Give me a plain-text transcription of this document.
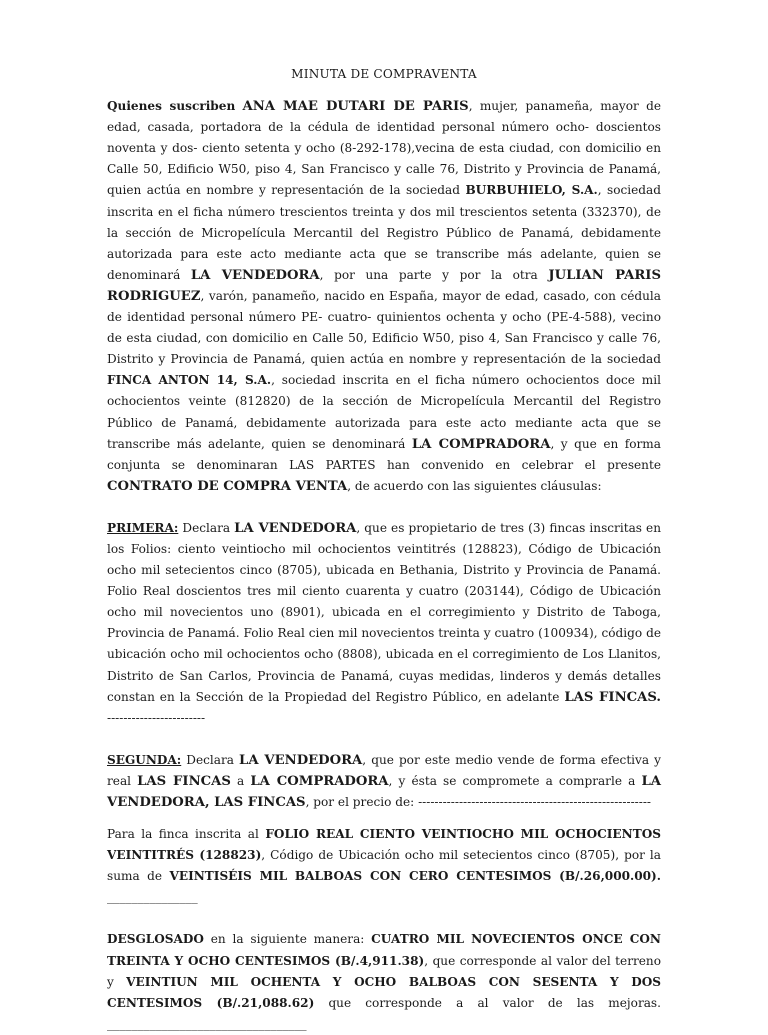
MINUTA DE COMPRAVENTA

Quienes suscriben ANA MAE DUTARI DE PARIS, mujer, panameña, mayor de edad, casada, portadora de la cédula de identidad personal número ocho- doscientos noventa y dos- ciento setenta y ocho (8-292-178),vecina de esta ciudad, con domicilio en Calle 50, Edificio W50, piso 4, San Francisco y calle 76, Distrito y Provincia de Panamá, quien actúa en nombre y representación de la sociedad BURBUHIELO, S.A., sociedad inscrita en el ficha número trescientos treinta y dos mil trescientos setenta (332370), de la sección de Micropelícula Mercantil del Registro Público de Panamá, debidamente autorizada para este acto mediante acta que se transcribe más adelante, quien se denominará LA VENDEDORA, por una parte y por la otra JULIAN PARIS RODRIGUEZ, varón, panameño, nacido en España, mayor de edad, casado, con cédula de identidad personal número PE- cuatro- quinientos ochenta y ocho (PE-4-588), vecino de esta ciudad, con domicilio en Calle 50, Edificio W50, piso 4, San Francisco y calle 76, Distrito y Provincia de Panamá, quien actúa en nombre y representación de la sociedad FINCA ANTON 14, S.A., sociedad inscrita en el ficha número ochocientos doce mil ochocientos veinte (812820) de la sección de Micropelícula Mercantil del Registro Público de Panamá, debidamente autorizada para este acto mediante acta que se transcribe más adelante, quien se denominará LA COMPRADORA, y que en forma conjunta se denominaran LAS PARTES han convenido en celebrar el presente CONTRATO DE COMPRA VENTA, de acuerdo con las siguientes cláusulas:

PRIMERA: Declara LA VENDEDORA, que es propietario de tres (3) fincas inscritas en los Folios: ciento veintiocho mil ochocientos veintitrés (128823), Código de Ubicación ocho mil setecientos cinco (8705), ubicada en Bethania, Distrito y Provincia de Panamá. Folio Real doscientos tres mil ciento cuarenta y cuatro (203144), Código de Ubicación ocho mil novecientos uno (8901), ubicada en el corregimiento y Distrito de Taboga, Provincia de Panamá. Folio Real cien mil novecientos treinta y cuatro (100934), código de ubicación ocho mil ochocientos ocho (8808), ubicada en el corregimiento de Los Llanitos, Distrito de San Carlos, Provincia de Panamá, cuyas medidas, linderos y demás detalles constan en la Sección de la Propiedad del Registro Público, en adelante LAS FINCAS. ------------------------

SEGUNDA: Declara LA VENDEDORA, que por este medio vende de forma efectiva y real LAS FINCAS a LA COMPRADORA, y ésta se compromete a comprarle a LA VENDEDORA, LAS FINCAS, por el precio de: ---------------------------------------------------------

Para la finca inscrita al FOLIO REAL CIENTO VEINTIOCHO MIL OCHOCIENTOS VEINTITRÉS (128823), Código de Ubicación ocho mil setecientos cinco (8705), por la suma de VEINTISÉIS MIL BALBOAS CON CERO CENTESIMOS (B/.26,000.00). _______________

DESGLOSADO en la siguiente manera: CUATRO MIL NOVECIENTOS ONCE CON TREINTA Y OCHO CENTESIMOS (B/.4,911.38), que corresponde al valor del terreno y VEINTIUN MIL OCHENTA Y OCHO BALBOAS CON SESENTA Y DOS CENTESIMOS (B/.21,088.62) que corresponde a al valor de las mejoras. _________________________________
